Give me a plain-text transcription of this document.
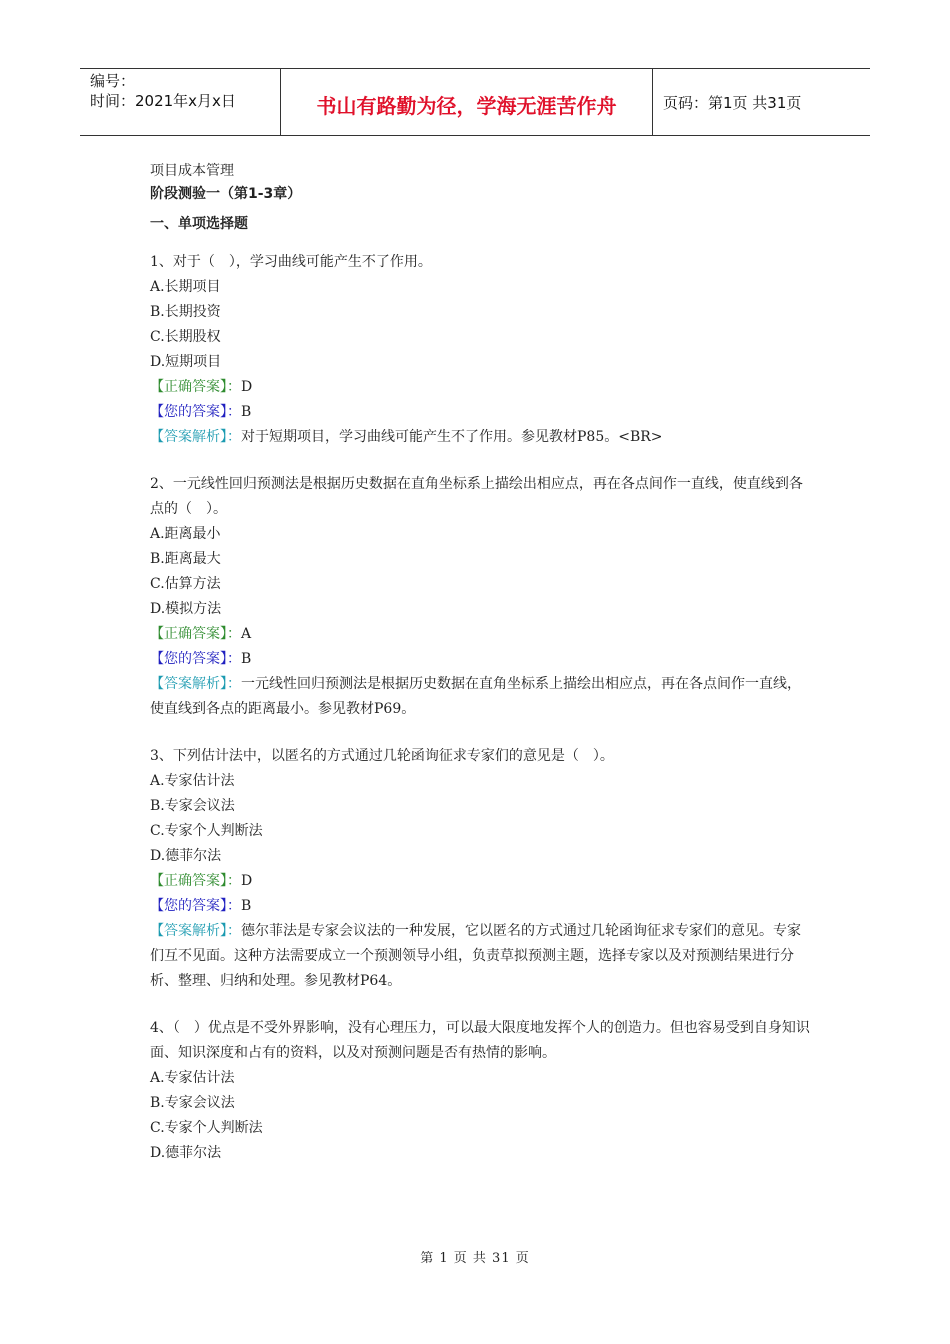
编号：
时间：2021年x月x日	书山有路勤为径，学海无涯苦作舟	页码：第1页 共31页
项目成本管理
阶段测验一（第1-3章）
一、单项选择题
1、对于（　），学习曲线可能产生不了作用。
A.长期项目
B.长期投资
C.长期股权
D.短期项目
【正确答案】：D
【您的答案】：B
【答案解析】：对于短期项目，学习曲线可能产生不了作用。参见教材P85。<BR>
2、一元线性回归预测法是根据历史数据在直角坐标系上描绘出相应点，再在各点间作一直线，使直线到各点的（　）。
A.距离最小
B.距离最大
C.估算方法
D.模拟方法
【正确答案】：A
【您的答案】：B
【答案解析】：一元线性回归预测法是根据历史数据在直角坐标系上描绘出相应点，再在各点间作一直线，使直线到各点的距离最小。参见教材P69。
3、下列估计法中，以匿名的方式通过几轮函询征求专家们的意见是（　）。
A.专家估计法
B.专家会议法
C.专家个人判断法
D.德菲尔法
【正确答案】：D
【您的答案】：B
【答案解析】：德尔菲法是专家会议法的一种发展，它以匿名的方式通过几轮函询征求专家们的意见。专家们互不见面。这种方法需要成立一个预测领导小组，负责草拟预测主题，选择专家以及对预测结果进行分析、整理、归纳和处理。参见教材P64。
4、（　）优点是不受外界影响，没有心理压力，可以最大限度地发挥个人的创造力。但也容易受到自身知识面、知识深度和占有的资料，以及对预测问题是否有热情的影响。
A.专家估计法
B.专家会议法
C.专家个人判断法
D.德菲尔法
第 1 页 共 31 页
